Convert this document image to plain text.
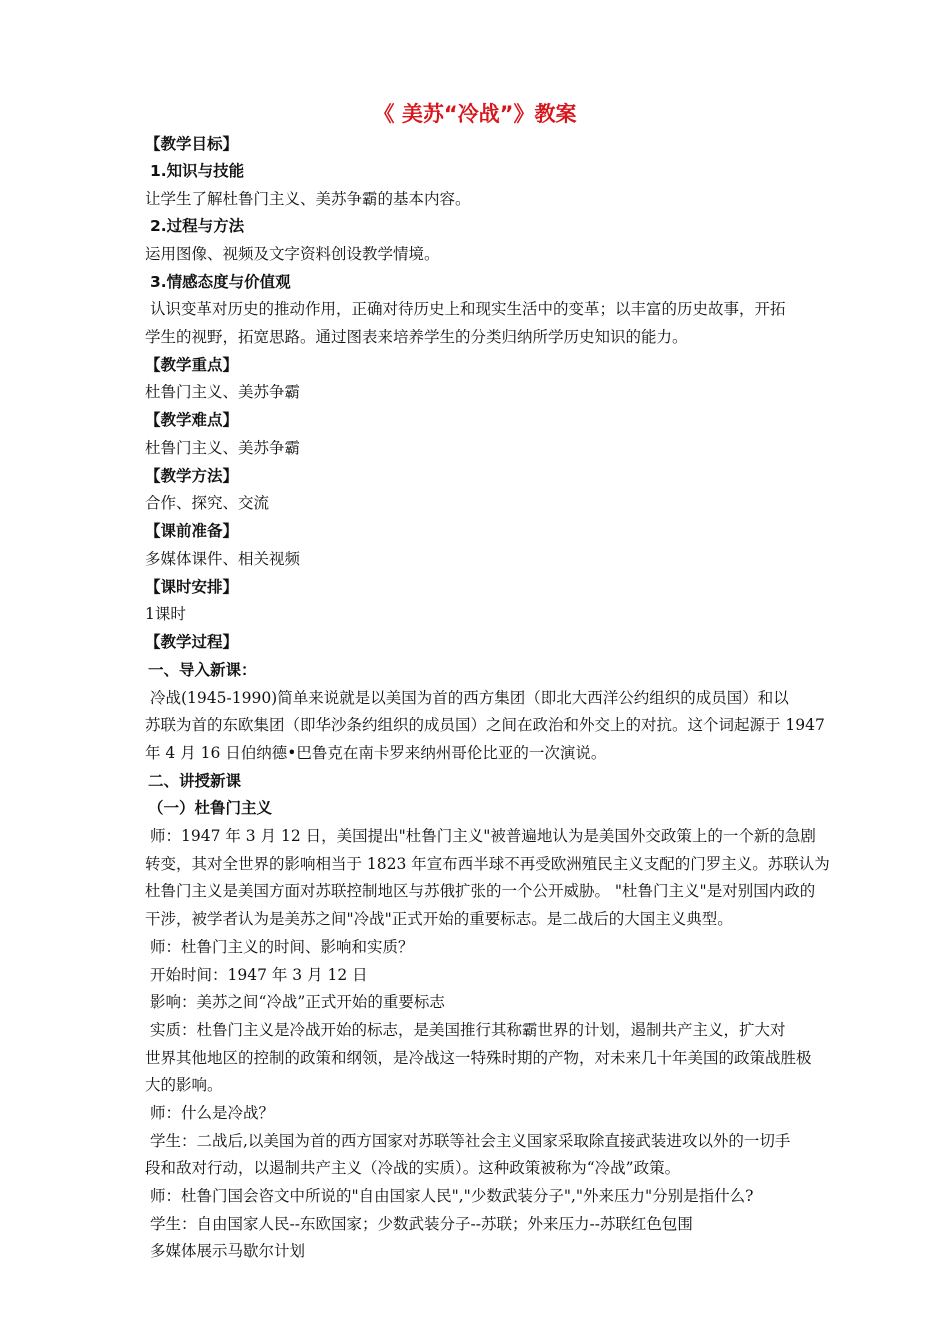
《 美苏“冷战”》教案
【教学目标】
1.知识与技能
让学生了解杜鲁门主义、美苏争霸的基本内容。
2.过程与方法
运用图像、视频及文字资料创设教学情境。
3.情感态度与价值观
认识变革对历史的推动作用，正确对待历史上和现实生活中的变革；以丰富的历史故事，开拓
学生的视野，拓宽思路。通过图表来培养学生的分类归纳所学历史知识的能力。
【教学重点】
杜鲁门主义、美苏争霸
【教学难点】
杜鲁门主义、美苏争霸
【教学方法】
合作、探究、交流
【课前准备】
多媒体课件、相关视频
【课时安排】
1课时
【教学过程】
一、导入新课：
冷战(1945-1990)简单来说就是以美国为首的西方集团（即北大西洋公约组织的成员国）和以
苏联为首的东欧集团（即华沙条约组织的成员国）之间在政治和外交上的对抗。这个词起源于 1947
年 4 月 16 日伯纳德•巴鲁克在南卡罗来纳州哥伦比亚的一次演说。
二、讲授新课
（一）杜鲁门主义
师：1947 年 3 月 12 日，美国提出"杜鲁门主义"被普遍地认为是美国外交政策上的一个新的急剧
转变，其对全世界的影响相当于 1823 年宣布西半球不再受欧洲殖民主义支配的门罗主义。苏联认为
杜鲁门主义是美国方面对苏联控制地区与苏俄扩张的一个公开威胁。 "杜鲁门主义"是对别国内政的
干涉，被学者认为是美苏之间"冷战"正式开始的重要标志。是二战后的大国主义典型。
师：杜鲁门主义的时间、影响和实质？
开始时间：1947 年 3 月 12 日
影响：美苏之间“冷战”正式开始的重要标志
实质：杜鲁门主义是冷战开始的标志，是美国推行其称霸世界的计划，遏制共产主义，扩大对
世界其他地区的控制的政策和纲领，是冷战这一特殊时期的产物，对未来几十年美国的政策战胜极
大的影响。
师：什么是冷战？
学生：二战后,以美国为首的西方国家对苏联等社会主义国家采取除直接武装进攻以外的一切手
段和敌对行动，以遏制共产主义（冷战的实质）。这种政策被称为“冷战”政策。
师：杜鲁门国会咨文中所说的"自由国家人民","少数武装分子","外来压力"分别是指什么?
学生：自由国家人民--东欧国家；少数武装分子--苏联；外来压力--苏联红色包围
多媒体展示马歇尔计划
